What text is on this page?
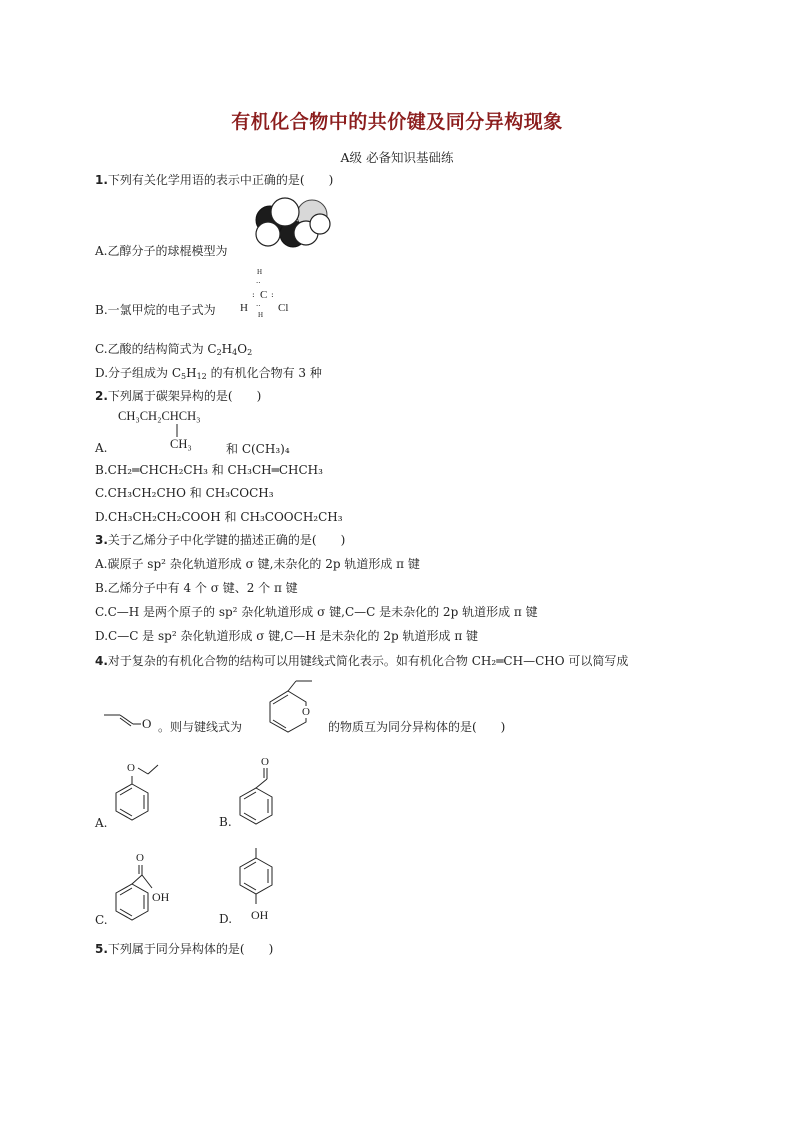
有机化合物中的共价键及同分异构现象
A级 必备知识基础练
1.下列有关化学用语的表示中正确的是(　　)
A.乙醇分子的球棍模型为
B.一氯甲烷的电子式为 H
H
··
C
: :
··
H
Cl
C.乙酸的结构简式为 $C_2H_4O_2$
D.分子组成为 $C_5H_{12}$ 的有机化合物有 3 种
2.下列属于碳架异构的是(　　)
CH₃CH₂CHCH₃
CH₃
A.	和 C(CH₃)₄
B.CH₂═CHCH₂CH₃ 和 CH₃CH═CHCH₃
C.CH₃CH₂CHO 和 CH₃COCH₃
D.CH₃CH₂CH₂COOH 和 CH₃COOCH₂CH₃
3.关于乙烯分子中化学键的描述正确的是(　　)
A.碳原子 sp² 杂化轨道形成 σ 键,未杂化的 2p 轨道形成 π 键
B.乙烯分子中有 4 个 σ 键、2 个 π 键
C.C—H 是两个原子的 sp² 杂化轨道形成 σ 键,C—C 是未杂化的 2p 轨道形成 π 键
D.C—C 是 sp² 杂化轨道形成 σ 键,C—H 是未杂化的 2p 轨道形成 π 键
4.对于复杂的有机化合物的结构可以用键线式简化表示。如有机化合物 CH₂═CH—CHO 可以简写成
O 。则与键线式为
O
的物质互为同分异构体的是(　　)
O
A.
O
B.
O
OH
C.	OH
D.
5.下列属于同分异构体的是(　　)
